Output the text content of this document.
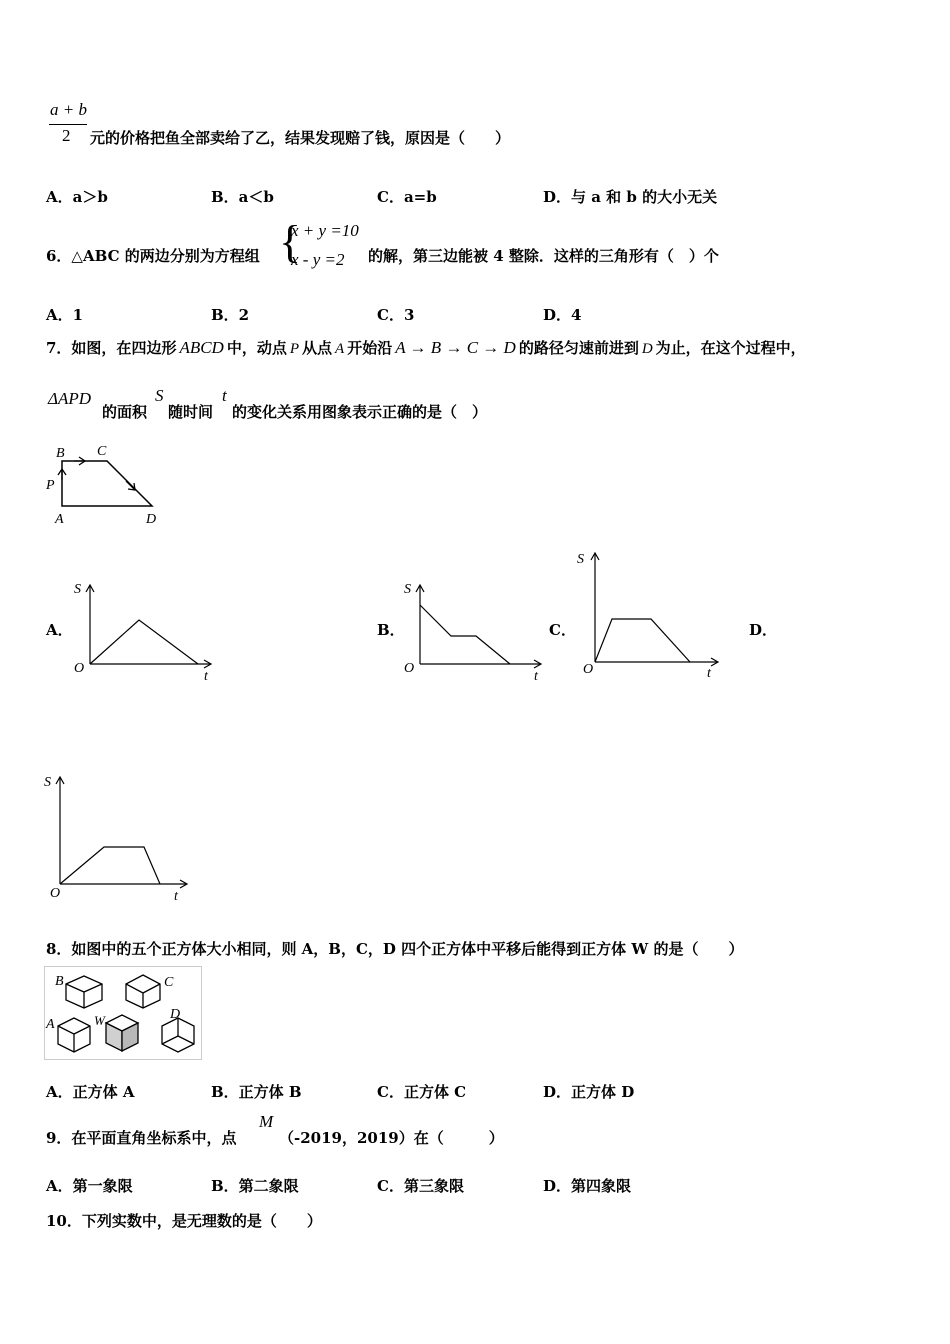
a + b
2 元的价格把鱼全部卖给了乙，结果发现赔了钱，原因是（　　）
A．a＞b	B．a＜b	C．a=b	D．与 a 和 b 的大小无关
6．△ABC 的两边分别为方程组 {
x + y =10
x - y =2 的解，第三边能被 4 整除．这样的三角形有（　）个
A．1	B．2	C．3	D．4
7．如图，在四边形 ABCD 中，动点 P 从点 A 开始沿 A → B → C → D 的路径匀速前进到 D 为止，在这个过程中，
ΔAPD
的面积
S
随时间
t
的变化关系用图象表示正确的是（　）
B C
P
A	D
A．	B．	C．	D．
S
O
t
S
O
t
S
O	t
S
O	t
8．如图中的五个正方体大小相同，则 A，B，C，D 四个正方体中平移后能得到正方体 W 的是（　　）
B	C
A	W	D
A．正方体 A	B．正方体 B	C．正方体 C	D．正方体 D
9．在平面直角坐标系中，点
M
（-2019，2019）在（　　　）
A．第一象限	B．第二象限	C．第三象限	D．第四象限
10．下列实数中，是无理数的是（　　）
